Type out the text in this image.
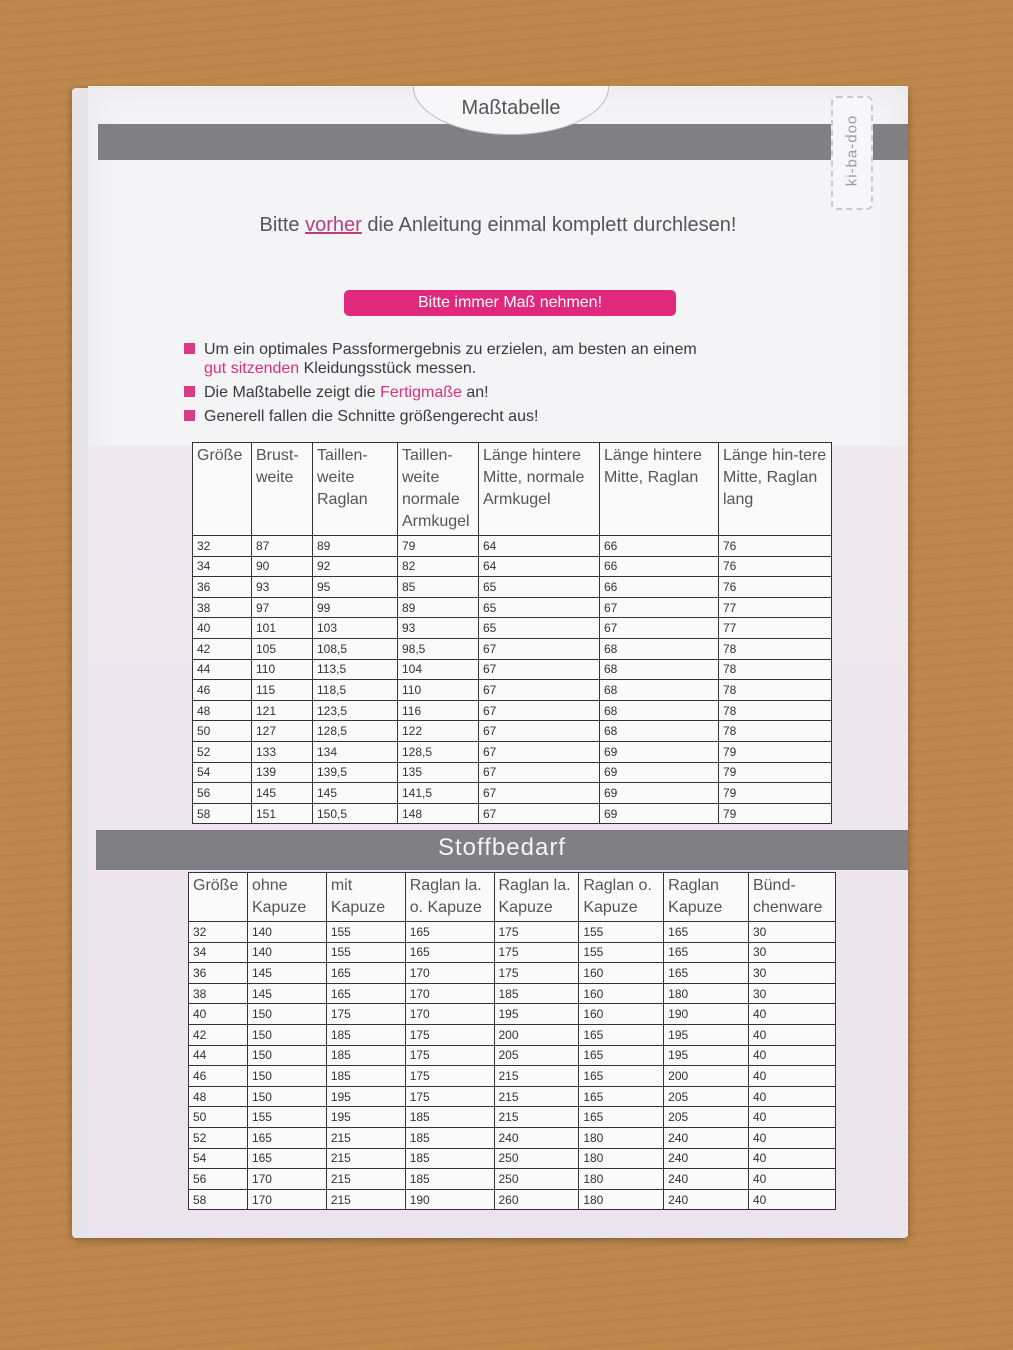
Maßtabelle
ki-ba-doo
Bitte vorher die Anleitung einmal komplett durchlesen!
Bitte immer Maß nehmen!
Um ein optimales Passformergebnis zu erzielen, am besten an einem
gut sitzenden Kleidungsstück messen.
Die Maßtabelle zeigt die Fertigmaße an!
Generell fallen die Schnitte größengerecht aus!
Größe	Brust-weite	Taillen-weite Raglan	Taillen-weite normale Armkugel	Länge hintere Mitte, normale Armkugel	Länge hintere Mitte, Raglan	Länge hin-tere Mitte, Raglan lang
32	87	89	79	64	66	76
34	90	92	82	64	66	76
36	93	95	85	65	66	76
38	97	99	89	65	67	77
40	101	103	93	65	67	77
42	105	108,5	98,5	67	68	78
44	110	113,5	104	67	68	78
46	115	118,5	110	67	68	78
48	121	123,5	116	67	68	78
50	127	128,5	122	67	68	78
52	133	134	128,5	67	69	79
54	139	139,5	135	67	69	79
56	145	145	141,5	67	69	79
58	151	150,5	148	67	69	79
Stoffbedarf
Größe	ohne Kapuze	mit Kapuze	Raglan la. o. Kapuze	Raglan la. Kapuze	Raglan o. Kapuze	Raglan Kapuze	Bünd-chenware
32	140	155	165	175	155	165	30
34	140	155	165	175	155	165	30
36	145	165	170	175	160	165	30
38	145	165	170	185	160	180	30
40	150	175	170	195	160	190	40
42	150	185	175	200	165	195	40
44	150	185	175	205	165	195	40
46	150	185	175	215	165	200	40
48	150	195	175	215	165	205	40
50	155	195	185	215	165	205	40
52	165	215	185	240	180	240	40
54	165	215	185	250	180	240	40
56	170	215	185	250	180	240	40
58	170	215	190	260	180	240	40
